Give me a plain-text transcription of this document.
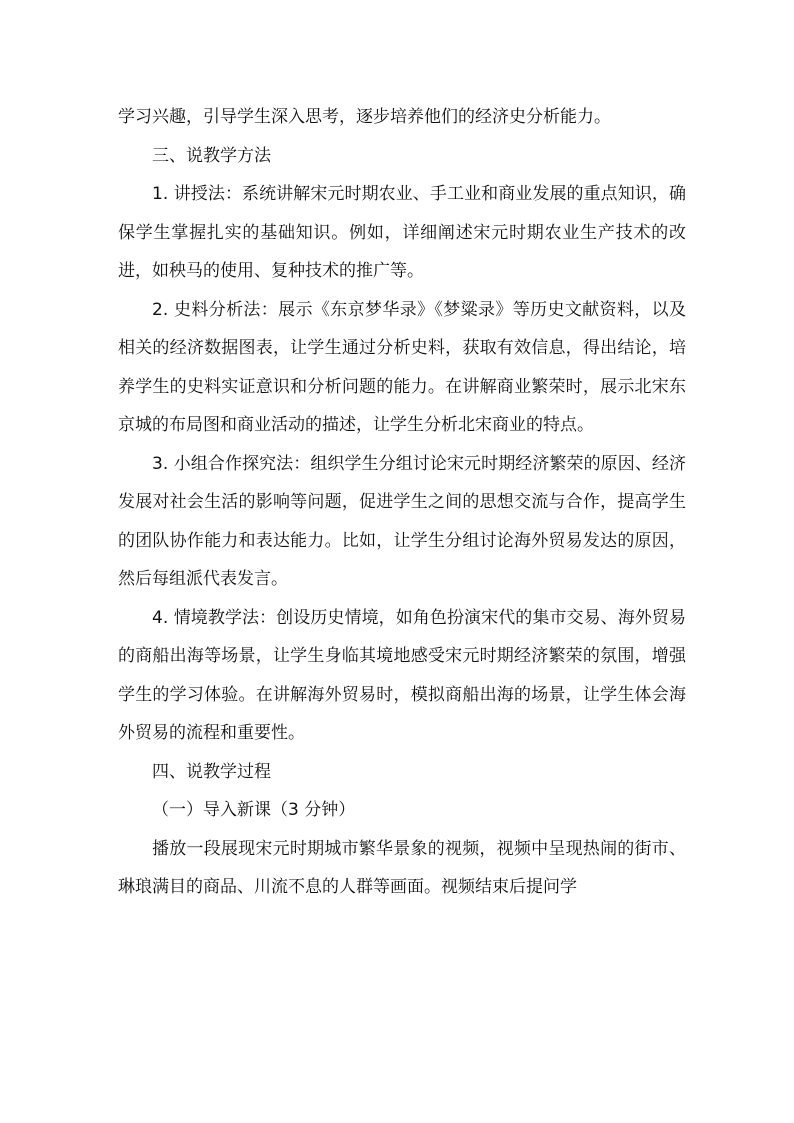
学习兴趣，引导学生深入思考，逐步培养他们的经济史分析能力。

三、说教学方法

1. 讲授法：系统讲解宋元时期农业、手工业和商业发展的重点知识，确保学生掌握扎实的基础知识。例如，详细阐述宋元时期农业生产技术的改进，如秧马的使用、复种技术的推广等。

2. 史料分析法：展示《东京梦华录》《梦粱录》等历史文献资料，以及相关的经济数据图表，让学生通过分析史料，获取有效信息，得出结论，培养学生的史料实证意识和分析问题的能力。在讲解商业繁荣时，展示北宋东京城的布局图和商业活动的描述，让学生分析北宋商业的特点。

3. 小组合作探究法：组织学生分组讨论宋元时期经济繁荣的原因、经济发展对社会生活的影响等问题，促进学生之间的思想交流与合作，提高学生的团队协作能力和表达能力。比如，让学生分组讨论海外贸易发达的原因，然后每组派代表发言。

4. 情境教学法：创设历史情境，如角色扮演宋代的集市交易、海外贸易的商船出海等场景，让学生身临其境地感受宋元时期经济繁荣的氛围，增强学生的学习体验。在讲解海外贸易时，模拟商船出海的场景，让学生体会海外贸易的流程和重要性。

四、说教学过程

（一）导入新课（3 分钟）

播放一段展现宋元时期城市繁华景象的视频，视频中呈现热闹的街市、琳琅满目的商品、川流不息的人群等画面。视频结束后提问学
